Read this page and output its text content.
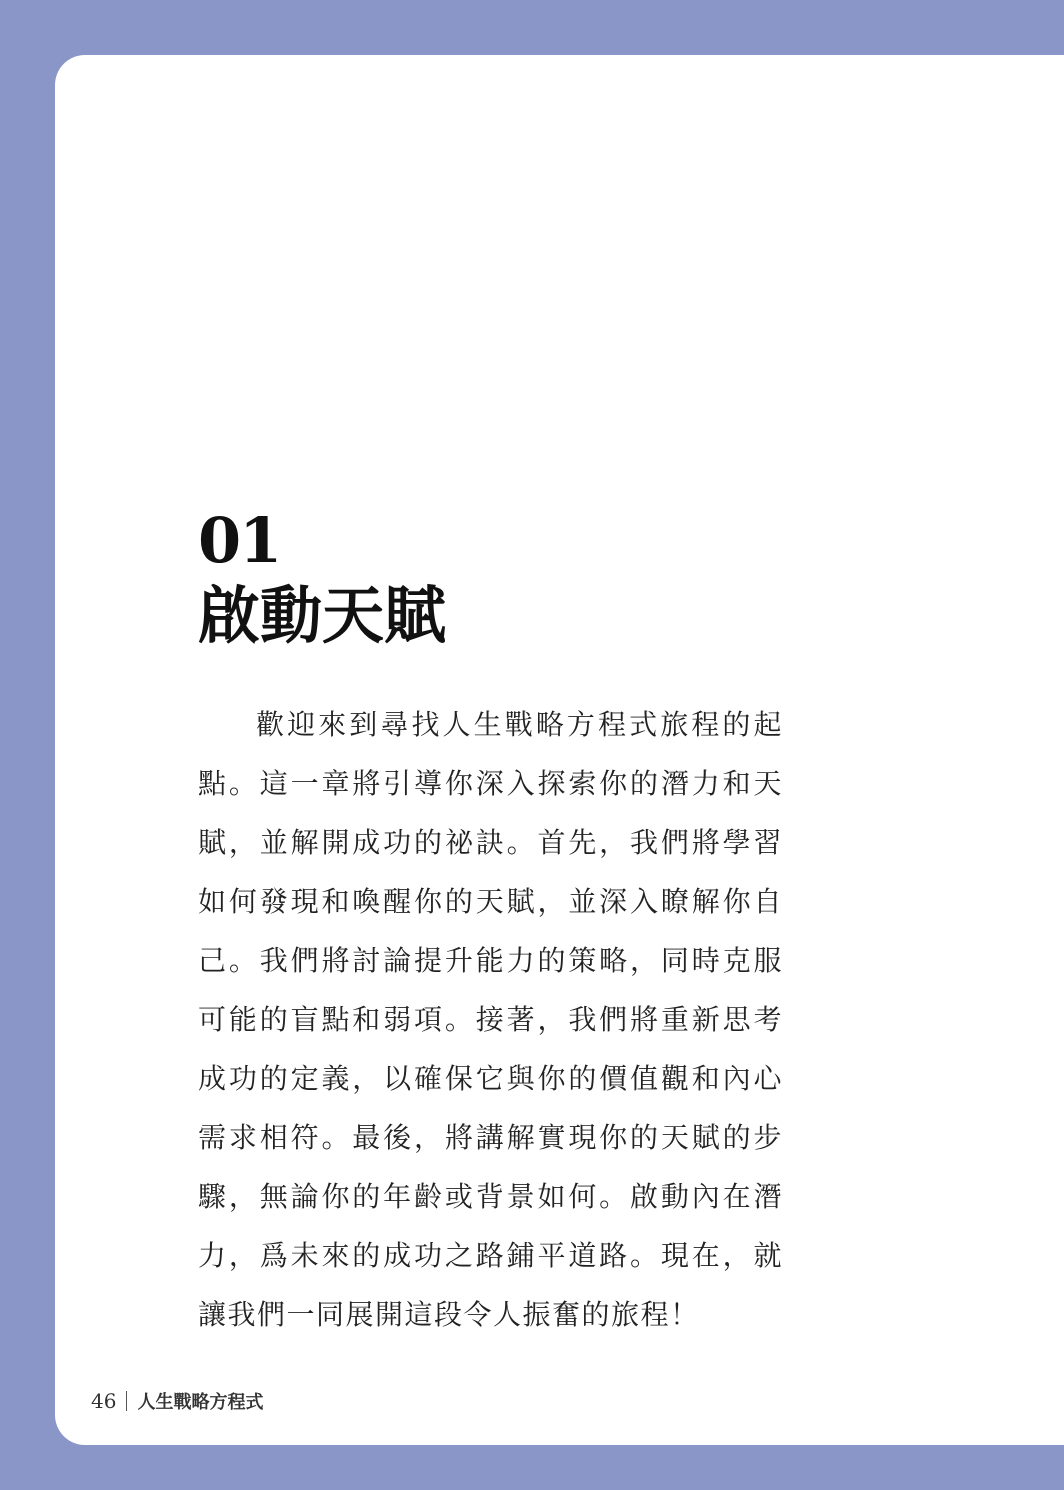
01
啟動天賦

歡迎來到尋找人生戰略方程式旅程的起點。這一章將引導你深入探索你的潛力和天賦，並解開成功的祕訣。首先，我們將學習如何發現和喚醒你的天賦，並深入瞭解你自己。我們將討論提升能力的策略，同時克服可能的盲點和弱項。接著，我們將重新思考成功的定義，以確保它與你的價值觀和內心需求相符。最後，將講解實現你的天賦的步驟，無論你的年齡或背景如何。啟動內在潛力，爲未來的成功之路鋪平道路。現在，就讓我們一同展開這段令人振奮的旅程！

46 人生戰略方程式
